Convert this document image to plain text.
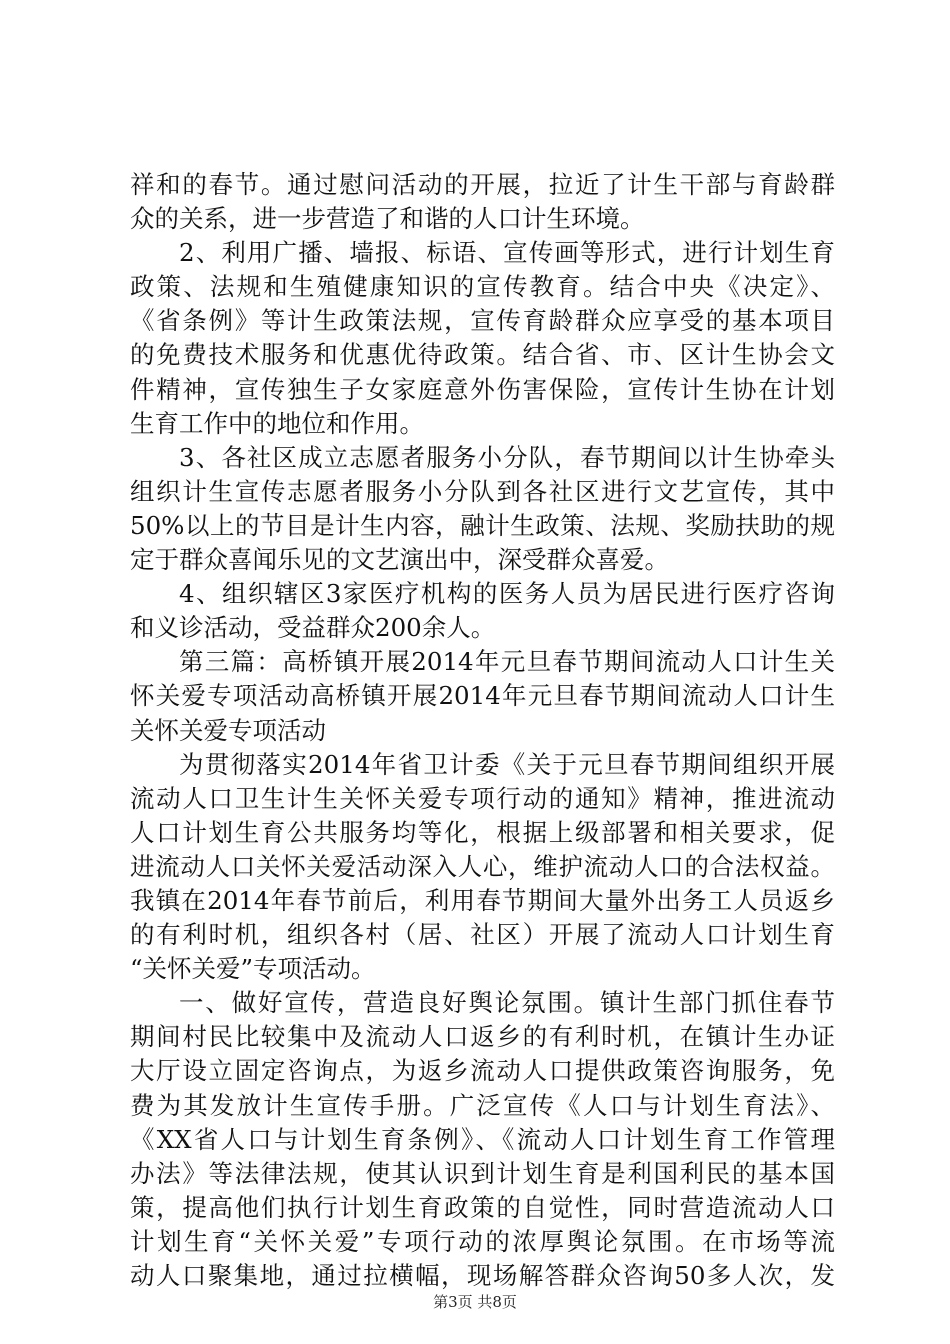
祥和的春节。通过慰问活动的开展，拉近了计生干部与育龄群
众的关系，进一步营造了和谐的人口计生环境。
2、利用广播、墙报、标语、宣传画等形式，进行计划生育
政策、法规和生殖健康知识的宣传教育。结合中央《决定》、
《省条例》等计生政策法规，宣传育龄群众应享受的基本项目
的免费技术服务和优惠优待政策。结合省、市、区计生协会文
件精神，宣传独生子女家庭意外伤害保险，宣传计生协在计划
生育工作中的地位和作用。
3、各社区成立志愿者服务小分队，春节期间以计生协牵头
组织计生宣传志愿者服务小分队到各社区进行文艺宣传，其中
50%以上的节目是计生内容，融计生政策、法规、奖励扶助的规
定于群众喜闻乐见的文艺演出中，深受群众喜爱。
4、组织辖区3家医疗机构的医务人员为居民进行医疗咨询
和义诊活动，受益群众200余人。
第三篇：高桥镇开展2014年元旦春节期间流动人口计生关
怀关爱专项活动高桥镇开展2014年元旦春节期间流动人口计生
关怀关爱专项活动
为贯彻落实2014年省卫计委《关于元旦春节期间组织开展
流动人口卫生计生关怀关爱专项行动的通知》精神，推进流动
人口计划生育公共服务均等化，根据上级部署和相关要求，促
进流动人口关怀关爱活动深入人心，维护流动人口的合法权益。
我镇在2014年春节前后，利用春节期间大量外出务工人员返乡
的有利时机，组织各村（居、社区）开展了流动人口计划生育
“关怀关爱”专项活动。
一、做好宣传，营造良好舆论氛围。镇计生部门抓住春节
期间村民比较集中及流动人口返乡的有利时机，在镇计生办证
大厅设立固定咨询点，为返乡流动人口提供政策咨询服务，免
费为其发放计生宣传手册。广泛宣传《人口与计划生育法》、
《XX省人口与计划生育条例》、《流动人口计划生育工作管理
办法》等法律法规，使其认识到计划生育是利国利民的基本国
策，提高他们执行计划生育政策的自觉性，同时营造流动人口
计划生育“关怀关爱”专项行动的浓厚舆论氛围。在市场等流
动人口聚集地，通过拉横幅，现场解答群众咨询50多人次，发
第3页 共8页
